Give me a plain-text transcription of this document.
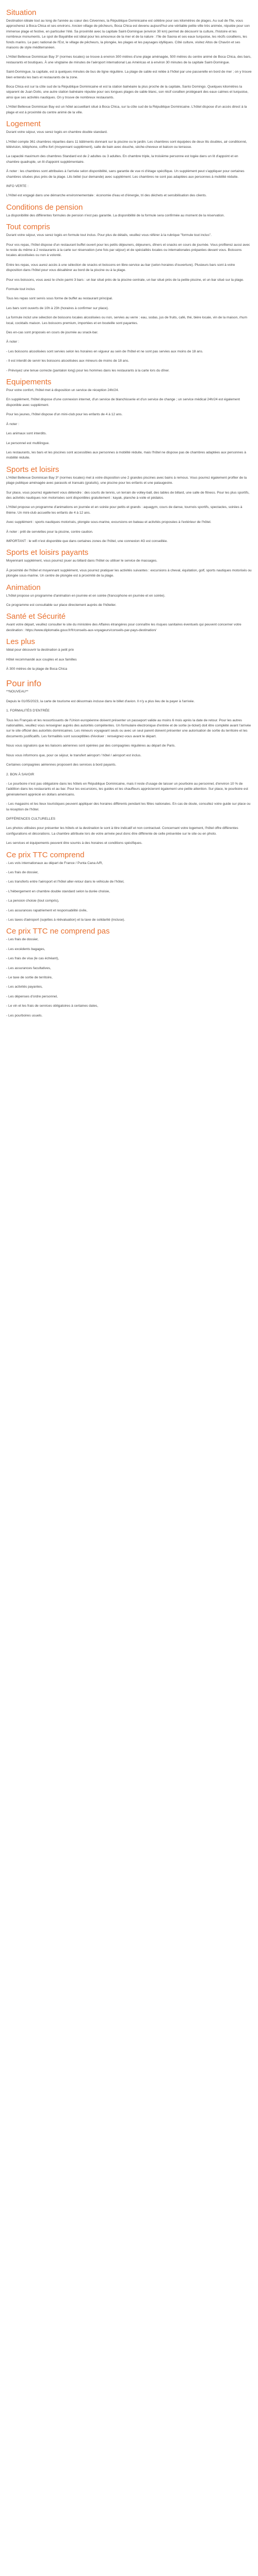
Situation

Destination idéale tout au long de l'année au cœur des Cévennes, la République Dominicaine est célèbre pour ses kilomètres de plages. Au sud de l'île, vous approcherez à Boca Chica et ses environs. Ancien village de pêcheurs, Boca Chica est devenu aujourd'hui une véritable petite ville très animée, réputée pour son immense plage et festive, en particulier l'été. Sa proximité avec la capitale Saint-Domingue (environ 30 km) permet de découvrir la culture, l'histoire et les nombreux monuments. Le spot de Bayahibe est idéal pour les amoureux de la mer et de la nature : l'île de Saona et ses eaux turquoise, les récifs coralliens, les fonds marins. Le parc national de l'Est, le village de pêcheurs, la plongée, les plages et les paysages idylliques. Côté culture, visitez Altos de Chavón et ses maisons de style méditerranéen.

L'Hôtel Bellevue Dominican Bay 3* (normes locales) se trouve à environ 300 mètres d'une plage aménagée, 500 mètres du centre animé de Boca Chica, des bars, restaurants et boutiques. À une vingtaine de minutes de l'aéroport international Las Américas et à environ 30 minutes de la capitale Saint-Domingue.

Saint-Domingue, la capitale, est à quelques minutes de bus de ligne régulière. La plage de sable est reliée à l'hôtel par une passerelle en bord de mer ; on y trouve bien entendu les bars et restaurants de la zone.

Boca Chica est sur la côte sud de la République Dominicaine et est la station balnéaire la plus proche de la capitale, Santo Domingo. Quelques kilomètres la séparent de Juan Dolio, une autre station balnéaire réputée pour ses longues plages de sable blanc, son récif corallien protégeant des eaux calmes et turquoise, ainsi que ses activités nautiques. On y trouve de nombreux restaurants.

L'Hôtel Bellevue Dominican Bay est un hôtel accueillant situé à Boca Chica, sur la côte sud de la République Dominicaine. L'hôtel dispose d'un accès direct à la plage et est à proximité du centre animé de la ville.

Logement

Durant votre séjour, vous serez logés en chambre double standard.

L'Hôtel compte 361 chambres réparties dans 11 bâtiments donnant sur la piscine ou le jardin. Les chambres sont équipées de deux lits doubles, air conditionné, télévision, téléphone, coffre-fort (moyennant supplément), salle de bain avec douche, sèche-cheveux et balcon ou terrasse.

La capacité maximum des chambres Standard est de 2 adultes ou 3 adultes. En chambre triple, la troisième personne est logée dans un lit d'appoint et en chambre quadruple, un lit d'appoint supplémentaire.

À noter : les chambres sont attribuées à l'arrivée selon disponibilité, sans garantie de vue ni d'étage spécifique. Un supplément peut s'appliquer pour certaines chambres situées plus près de la plage. Lits bébé (sur demande) avec supplément. Les chambres ne sont pas adaptées aux personnes à mobilité réduite.

INFO VERTE :

L'Hôtel est engagé dans une démarche environnementale : économie d'eau et d'énergie, tri des déchets et sensibilisation des clients.

Conditions de pension

La disponibilité des différentes formules de pension n'est pas garantie. La disponibilité de la formule sera confirmée au moment de la réservation.

Tout compris

Durant votre séjour, vous serez logés en formule tout inclus. Pour plus de détails, veuillez vous référer à la rubrique "formule tout inclus".

Pour vos repas, l'hôtel dispose d'un restaurant buffet ouvert pour les petits déjeuners, déjeuners, dîners et snacks en cours de journée. Vous profiterez aussi avec le reste du même à 2 restaurants à la carte sur réservation (une fois par séjour) et de spécialités locales ou internationales préparées devant vous. Boissons locales alcoolisées ou non à volonté.

Entre les repas, vous aurez accès à une sélection de snacks et boissons en libre-service au bar (selon horaires d'ouverture). Plusieurs bars sont à votre disposition dans l'hôtel pour vous désaltérer au bord de la piscine ou à la plage.

Pour vos boissons, vous avez le choix parmi 3 bars : un bar situé près de la piscine centrale, un bar situé près de la petite piscine, et un bar situé sur la plage.

Formule tout inclus

Tous les repas sont servis sous forme de buffet au restaurant principal.

Les bars sont ouverts de 10h à 23h (horaires à confirmer sur place).

La formule inclut une sélection de boissons locales alcoolisées ou non, servies au verre : eau, sodas, jus de fruits, café, thé, bière locale, vin de la maison, rhum local, cocktails maison. Les boissons premium, importées et en bouteille sont payantes.

Des en-cas sont proposés en cours de journée au snack-bar.

À noter :

- Les boissons alcoolisées sont servies selon les horaires en vigueur au sein de l'hôtel et ne sont pas servies aux moins de 18 ans.

- Il est interdit de servir les boissons alcoolisées aux mineurs de moins de 18 ans.

- Prévoyez une tenue correcte (pantalon long) pour les hommes dans les restaurants à la carte lors du dîner.

Equipements

Pour votre confort, l'hôtel met à disposition un service de réception 24h/24.

En supplément, l'hôtel dispose d'une connexion internet, d'un service de blanchisserie et d'un service de change ; un service médical 24h/24 est également disponible avec supplément.

Pour les jeunes, l'hôtel dispose d'un mini-club pour les enfants de 4 à 12 ans.

À noter :

Les animaux sont interdits.

Le personnel est multilingue.

Les restaurants, les bars et les piscines sont accessibles aux personnes à mobilité réduite, mais l'hôtel ne dispose pas de chambres adaptées aux personnes à mobilité réduite.

Sports et loisirs

L'Hôtel Bellevue Dominican Bay 3* (normes locales) met à votre disposition une 2 grandes piscines avec bains à remous. Vous pourrez également profiter de la plage publique aménagée avec parasols et transats (gratuits), une piscine pour les enfants et une pataugeoire.

Sur place, vous pourrez également vous détendre : des courts de tennis, un terrain de volley-ball, des tables de billard, une salle de fitness. Pour les plus sportifs, des activités nautiques non motorisées sont disponibles gratuitement : kayak, planche à voile et pédalos.

L'Hôtel propose un programme d'animations en journée et en soirée pour petits et grands : aquagym, cours de danse, tournois sportifs, spectacles, soirées à thème. Un mini-club accueille les enfants de 4 à 12 ans.

Avec supplément : sports nautiques motorisés, plongée sous-marine, excursions en bateau et activités proposées à l'extérieur de l'hôtel.

À noter : prêt de serviettes pour la piscine, contre caution.

IMPORTANT : le wifi n'est disponible que dans certaines zones de l'hôtel, une connexion 4G est conseillée.

Sports et loisirs payants

Moyennant supplément, vous pourrez jouer au billard dans l'hôtel ou utiliser le service de massages.

À proximité de l'hôtel et moyennant supplément, vous pourrez pratiquer les activités suivantes : excursions à cheval, équitation, golf, sports nautiques motorisés ou plongée sous-marine. Un centre de plongée est à proximité de la plage.

Animation

L'hôtel propose un programme d'animation en journée et en soirée (francophone en journée et en soirée).

Ce programme est consultable sur place directement auprès de l'hôtelier.

Santé et Sécurité

Avant votre départ, veuillez consulter le site du ministère des Affaires étrangères pour connaître les risques sanitaires éventuels qui peuvent concerner votre destination : https://www.diplomatie.gouv.fr/fr/conseils-aux-voyageurs/conseils-par-pays-destination/

Les plus

Idéal pour découvrir la destination à petit prix

Hôtel recommandé aux couples et aux familles

À 300 mètres de la plage de Boca Chica

Pour info

**NOUVEAU**

Depuis le 01/05/2023, la carte de tourisme est désormais incluse dans le billet d'avion. Il n'y a plus lieu de la payer à l'arrivée.

1. FORMALITÉS D'ENTRÉE

Tous les Français et les ressortissants de l'Union européenne doivent présenter un passeport valide au moins 6 mois après la date de retour. Pour les autres nationalités, veuillez vous renseigner auprès des autorités compétentes. Un formulaire électronique d'entrée et de sortie (e-ticket) doit être complété avant l'arrivée sur le site officiel des autorités dominicaines. Les mineurs voyageant seuls ou avec un seul parent doivent présenter une autorisation de sortie du territoire et les documents justificatifs. Les formalités sont susceptibles d'évoluer : renseignez-vous avant le départ.

Nous vous signalons que les liaisons aériennes sont opérées par des compagnies régulières au départ de Paris.

Nous vous informons que, pour ce séjour, le transfert aéroport / hôtel / aéroport est inclus.

Certaines compagnies aériennes proposent des services à bord payants.

2. BON À SAVOIR

- Le pourboire n'est pas obligatoire dans les hôtels en République Dominicaine, mais il reste d'usage de laisser un pourboire au personnel, d'environ 10 % de l'addition dans les restaurants et au bar. Pour les excursions, les guides et les chauffeurs apprécieront également une petite attention. Sur place, le pourboire est généralement apprécié en dollars américains.

- Les magasins et les lieux touristiques peuvent appliquer des horaires différents pendant les fêtes nationales. En cas de doute, consultez votre guide sur place ou la réception de l'hôtel.

DIFFÉRENCES CULTURELLES

Les photos utilisées pour présenter les hôtels et la destination le sont à titre indicatif et non contractuel. Concernant votre logement, l'hôtel offre différentes configurations et décorations. La chambre attribuée lors de votre arrivée peut donc être différente de celle présentée sur le site ou en photo.

Les services et équipements peuvent être soumis à des horaires et conditions spécifiques.

Ce prix TTC comprend

- Les vols internationaux au départ de France / Punta Cana A/R,

- Les frais de dossier,

- Les transferts entre l'aéroport et l'hôtel aller-retour dans le véhicule de l'hôtel,

- L'hébergement en chambre double standard selon la durée choisie,

- La pension choisie (tout compris),

- Les assurances rapatriement et responsabilité civile,

- Les taxes d'aéroport (sujettes à réévaluation) et la taxe de solidarité (incluse).

Ce prix TTC ne comprend pas

- Les frais de dossier,

- Les excédents bagages,

- Les frais de visa (le cas échéant),

- Les assurances facultatives,

- Le taxe de sortie de territoire,

- Les activités payantes,

- Les dépenses d'ordre personnel,

- Le vin et les frais de services obligatoires à certaines dates,

- Les pourboires usuels.
